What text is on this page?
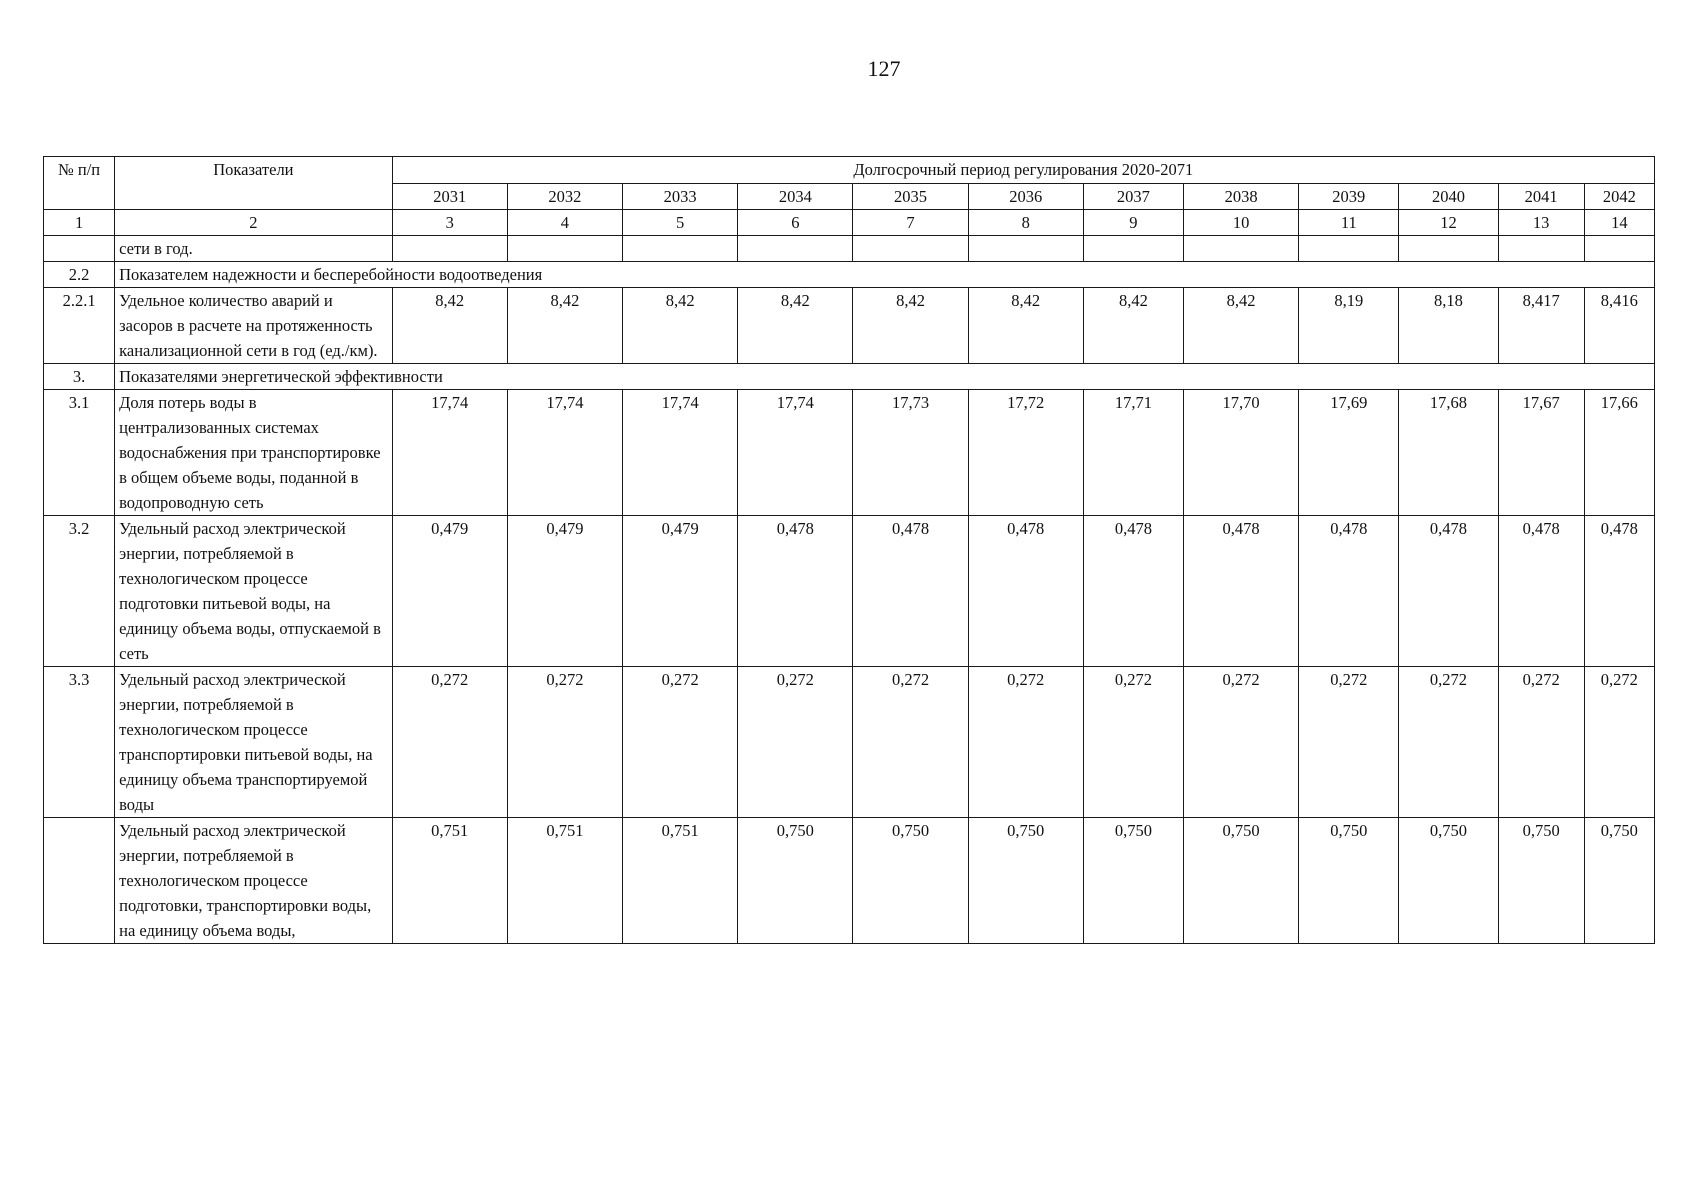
127
№ п/п	Показатели	Долгосрочный период регулирования 2020-2071											
		2031	2032	2033	2034	2035	2036	2037	2038	2039	2040	2041	2042
1	2	3	4	5	6	7	8	9	10	11	12	13	14
	сети в год.												
2.2	Показателем надежности и бесперебойности водоотведения												
2.2.1	Удельное количество аварий и засоров в расчете на протяженность канализационной сети в год (ед./км).	8,42	8,42	8,42	8,42	8,42	8,42	8,42	8,42	8,19	8,18	8,417	8,416
3.	Показателями энергетической эффективности												
3.1	Доля потерь воды в централизованных системах водоснабжения при транспортировке в общем объеме воды, поданной в водопроводную сеть	17,74	17,74	17,74	17,74	17,73	17,72	17,71	17,70	17,69	17,68	17,67	17,66
3.2	Удельный расход электрической энергии, потребляемой в технологическом процессе подготовки питьевой воды, на единицу объема воды, отпускаемой в сеть	0,479	0,479	0,479	0,478	0,478	0,478	0,478	0,478	0,478	0,478	0,478	0,478
3.3	Удельный расход электрической энергии, потребляемой в технологическом процессе транспортировки питьевой воды, на единицу объема транспортируемой воды	0,272	0,272	0,272	0,272	0,272	0,272	0,272	0,272	0,272	0,272	0,272	0,272
	Удельный расход электрической энергии, потребляемой в технологическом процессе подготовки, транспортировки воды, на единицу объема воды,	0,751	0,751	0,751	0,750	0,750	0,750	0,750	0,750	0,750	0,750	0,750	0,750
